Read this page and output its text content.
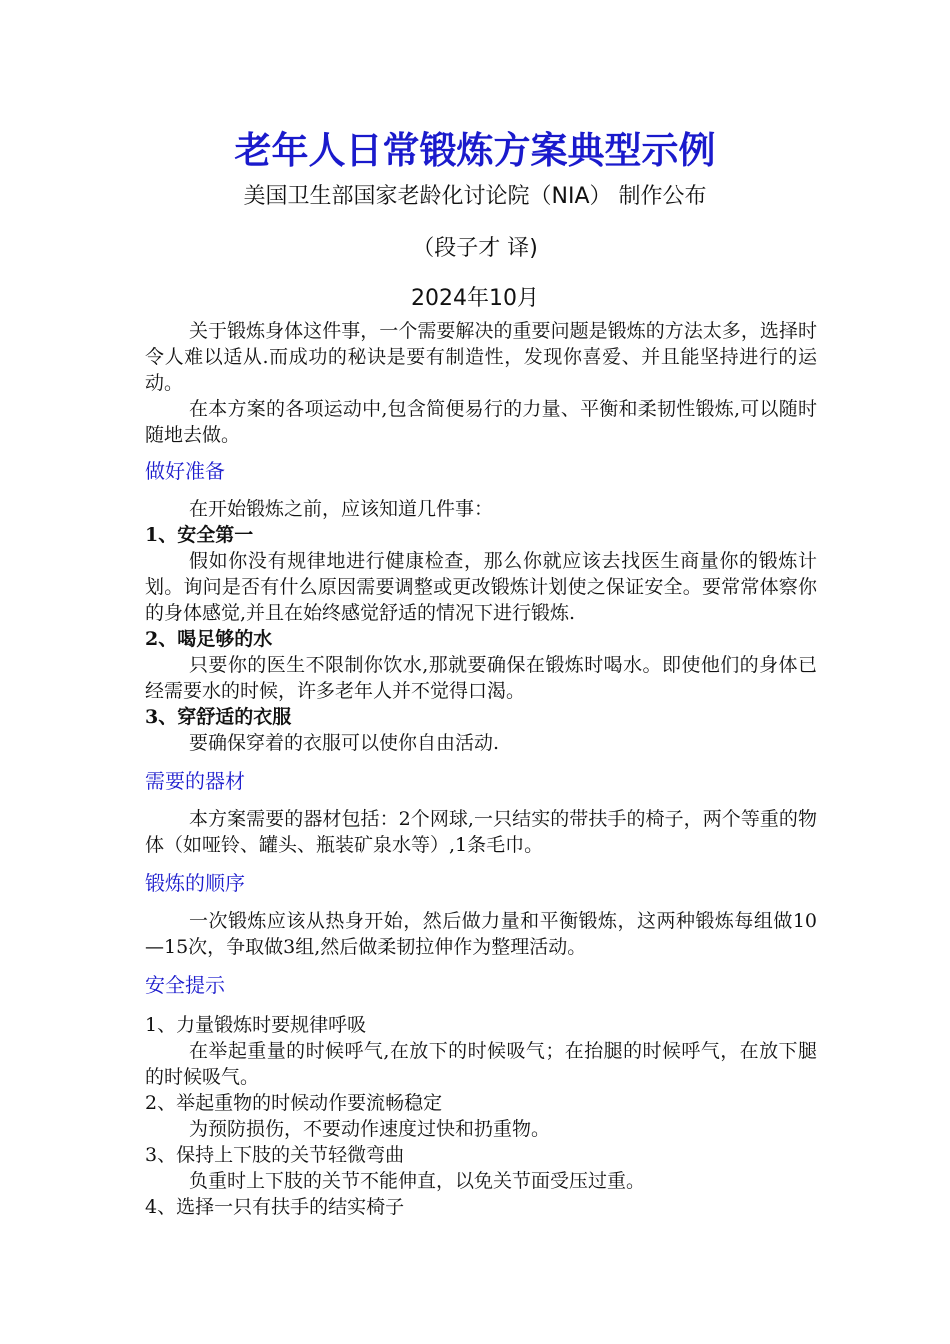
老年人日常锻炼方案典型示例
美国卫生部国家老龄化讨论院（NIA） 制作公布
（段子才 译)
2024年10月

关于锻炼身体这件事，一个需要解决的重要问题是锻炼的方法太多，选择时令人难以适从.而成功的秘诀是要有制造性，发现你喜爱、并且能坚持进行的运动。

在本方案的各项运动中,包含简便易行的力量、平衡和柔韧性锻炼,可以随时随地去做。

做好准备

在开始锻炼之前，应该知道几件事：

1、安全第一

假如你没有规律地进行健康检查，那么你就应该去找医生商量你的锻炼计划。询问是否有什么原因需要调整或更改锻炼计划使之保证安全。要常常体察你的身体感觉,并且在始终感觉舒适的情况下进行锻炼.

2、喝足够的水

只要你的医生不限制你饮水,那就要确保在锻炼时喝水。即使他们的身体已经需要水的时候，许多老年人并不觉得口渴。

3、穿舒适的衣服

要确保穿着的衣服可以使你自由活动.

需要的器材

本方案需要的器材包括：2个网球,一只结实的带扶手的椅子，两个等重的物体（如哑铃、罐头、瓶装矿泉水等）,1条毛巾。

锻炼的顺序

一次锻炼应该从热身开始，然后做力量和平衡锻炼，这两种锻炼每组做10—15次，争取做3组,然后做柔韧拉伸作为整理活动。

安全提示

1、力量锻炼时要规律呼吸

在举起重量的时候呼气,在放下的时候吸气；在抬腿的时候呼气，在放下腿的时候吸气。

2、举起重物的时候动作要流畅稳定

为预防损伤，不要动作速度过快和扔重物。

3、保持上下肢的关节轻微弯曲

负重时上下肢的关节不能伸直，以免关节面受压过重。

4、选择一只有扶手的结实椅子
